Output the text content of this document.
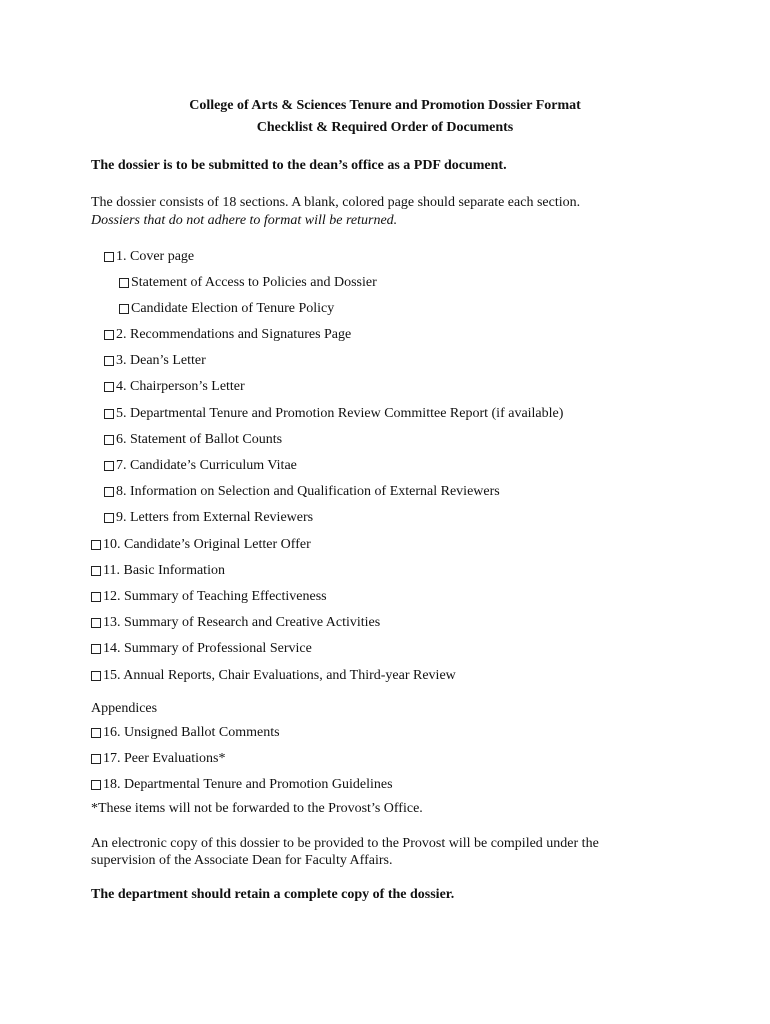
College of Arts & Sciences Tenure and Promotion Dossier Format
Checklist & Required Order of Documents
The dossier is to be submitted to the dean’s office as a PDF document.
The dossier consists of 18 sections. A blank, colored page should separate each section.
Dossiers that do not adhere to format will be returned.
1. Cover page
Statement of Access to Policies and Dossier
Candidate Election of Tenure Policy
2. Recommendations and Signatures Page
3. Dean’s Letter
4. Chairperson’s Letter
5. Departmental Tenure and Promotion Review Committee Report (if available)
6. Statement of Ballot Counts
7. Candidate’s Curriculum Vitae
8. Information on Selection and Qualification of External Reviewers
9. Letters from External Reviewers
10. Candidate’s Original Letter Offer
11. Basic Information
12. Summary of Teaching Effectiveness
13. Summary of Research and Creative Activities
14. Summary of Professional Service
15. Annual Reports, Chair Evaluations, and Third-year Review
Appendices
16. Unsigned Ballot Comments
17. Peer Evaluations*
18. Departmental Tenure and Promotion Guidelines
*These items will not be forwarded to the Provost’s Office.
An electronic copy of this dossier to be provided to the Provost will be compiled under the
supervision of the Associate Dean for Faculty Affairs.
The department should retain a complete copy of the dossier.
